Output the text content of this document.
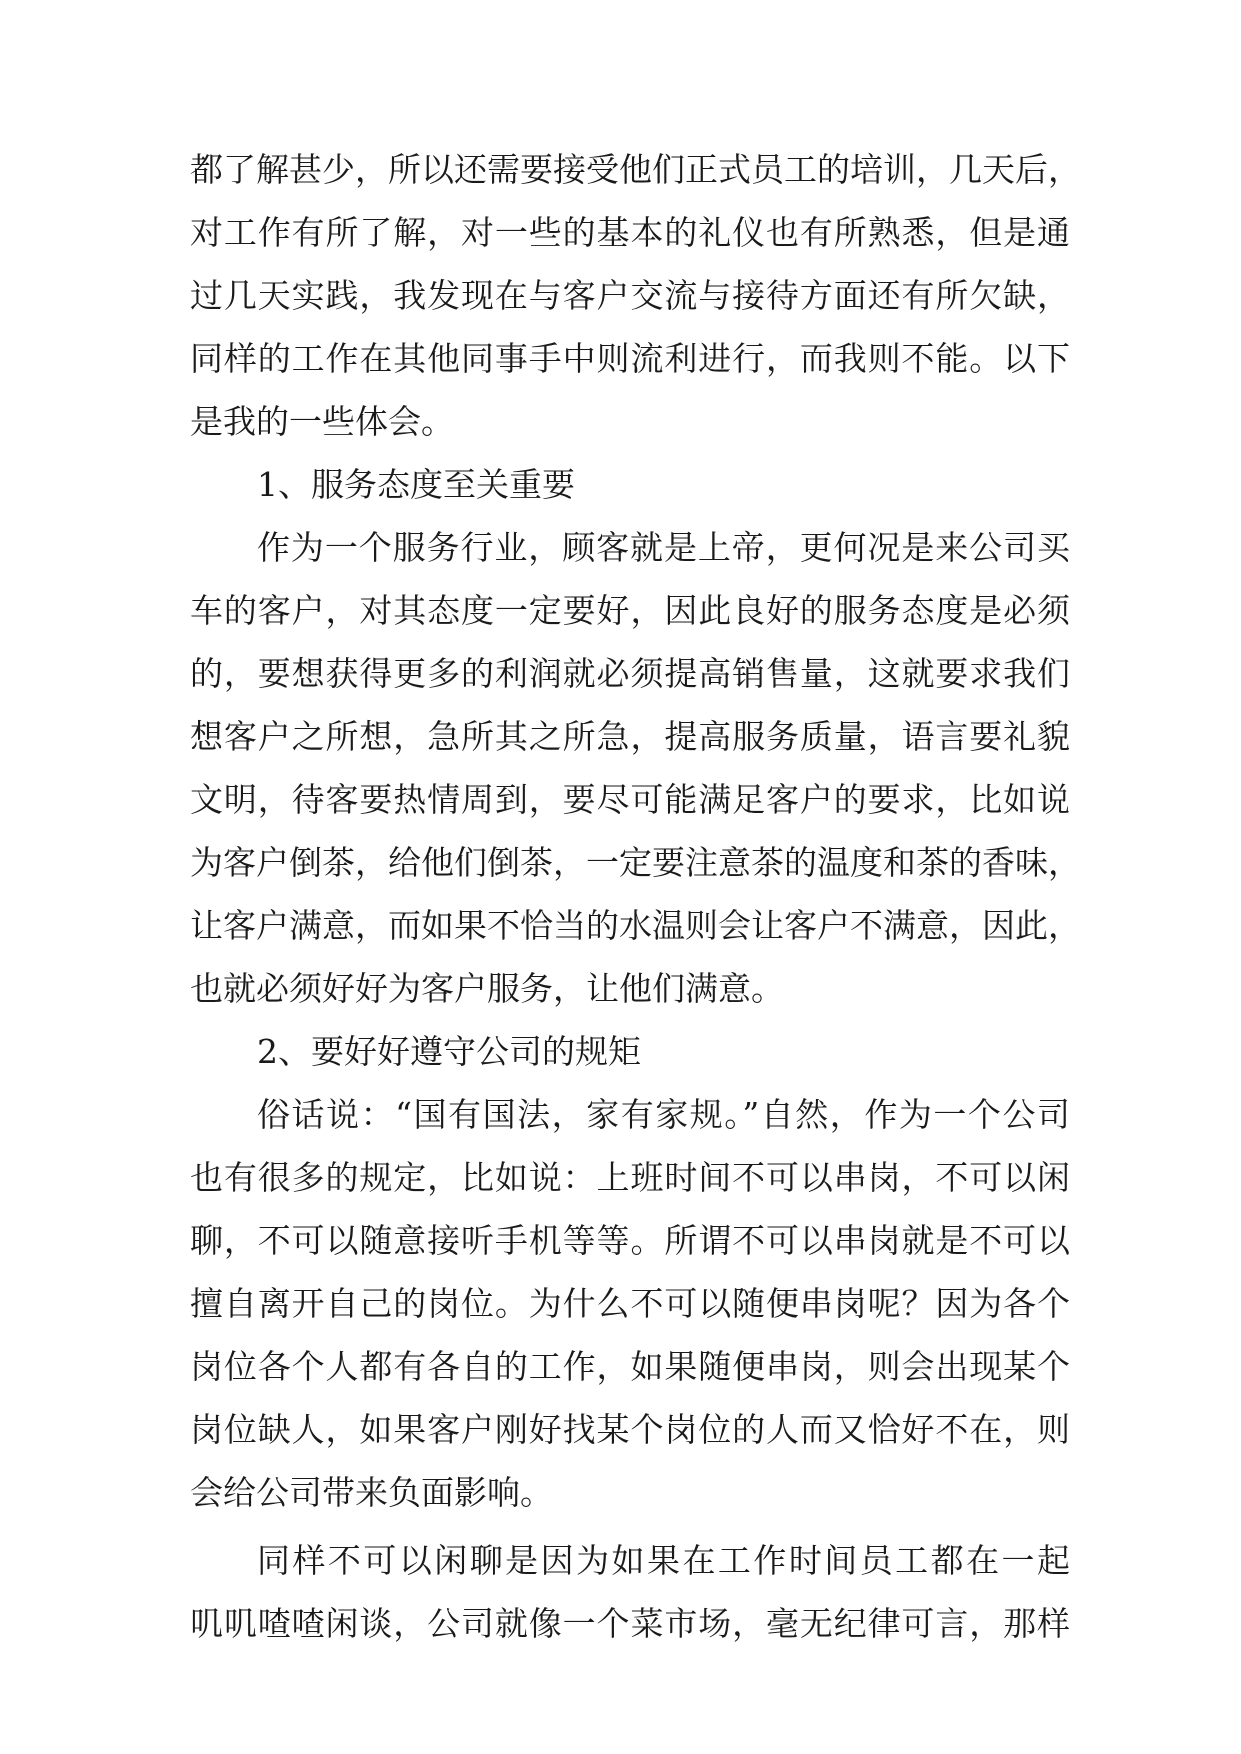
都了解甚少，所以还需要接受他们正式员工的培训，几天后，
对工作有所了解，对一些的基本的礼仪也有所熟悉，但是通
过几天实践，我发现在与客户交流与接待方面还有所欠缺，
同样的工作在其他同事手中则流利进行，而我则不能。以下
是我的一些体会。
1、服务态度至关重要
作为一个服务行业，顾客就是上帝，更何况是来公司买
车的客户，对其态度一定要好，因此良好的服务态度是必须
的，要想获得更多的利润就必须提高销售量，这就要求我们
想客户之所想，急所其之所急，提高服务质量，语言要礼貌
文明，待客要热情周到，要尽可能满足客户的要求，比如说
为客户倒茶，给他们倒茶，一定要注意茶的温度和茶的香味，
让客户满意，而如果不恰当的水温则会让客户不满意，因此，
也就必须好好为客户服务，让他们满意。
2、要好好遵守公司的规矩
俗话说：“国有国法，家有家规。”自然，作为一个公司
也有很多的规定，比如说：上班时间不可以串岗，不可以闲
聊，不可以随意接听手机等等。所谓不可以串岗就是不可以
擅自离开自己的岗位。为什么不可以随便串岗呢？因为各个
岗位各个人都有各自的工作，如果随便串岗，则会出现某个
岗位缺人，如果客户刚好找某个岗位的人而又恰好不在，则
会给公司带来负面影响。
同样不可以闲聊是因为如果在工作时间员工都在一起
叽叽喳喳闲谈，公司就像一个菜市场，毫无纪律可言，那样
